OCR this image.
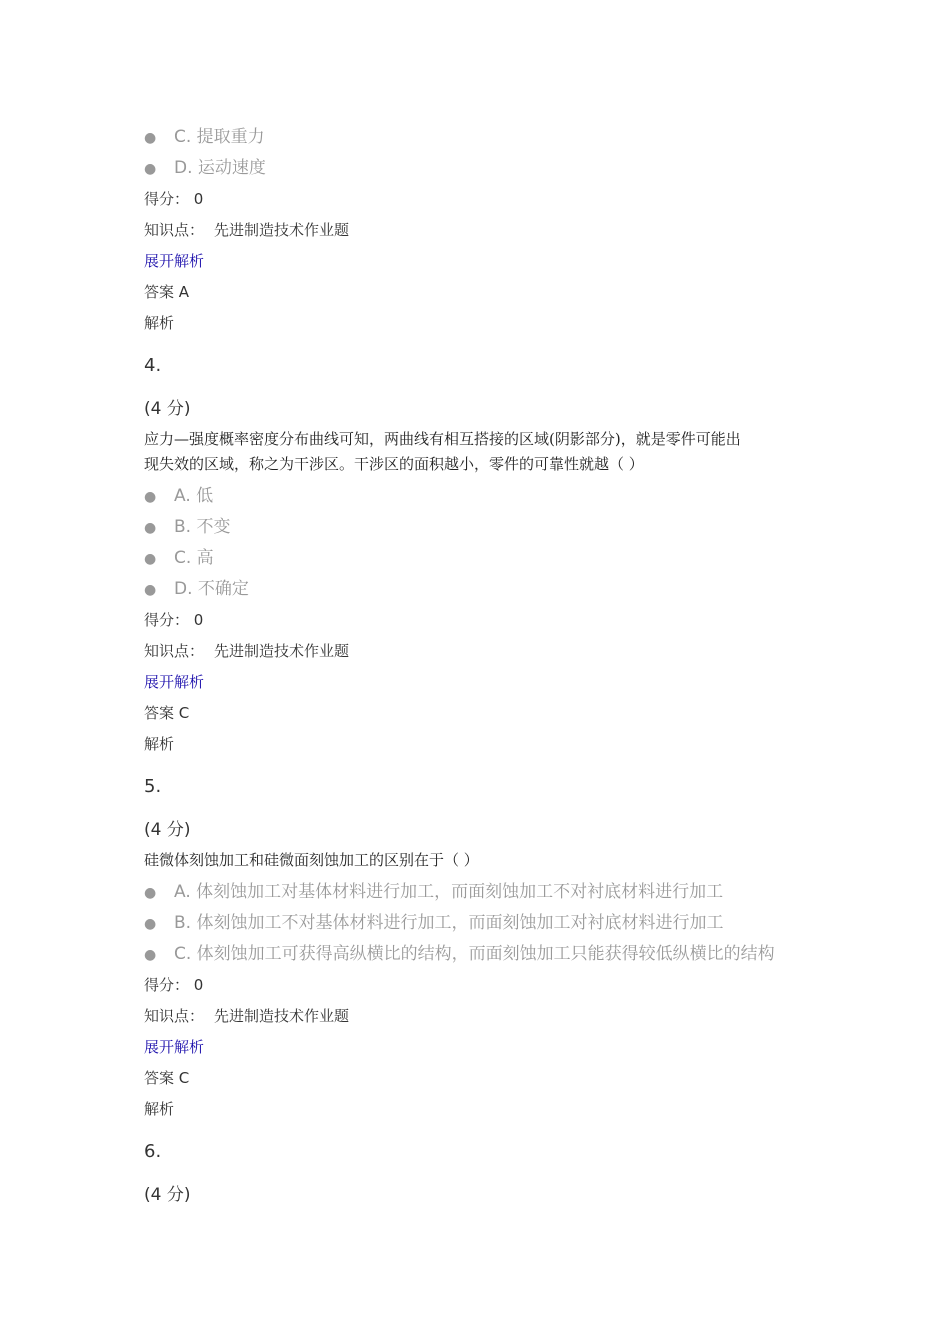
● C. 提取重力
● D. 运动速度
得分： 0
知识点： 先进制造技术作业题
展开解析
答案 A
解析
4.
(4 分)
应力—强度概率密度分布曲线可知，两曲线有相互搭接的区域(阴影部分)，就是零件可能出
现失效的区域，称之为干涉区。干涉区的面积越小，零件的可靠性就越（ ）
● A. 低
● B. 不变
● C. 高
● D. 不确定
得分： 0
知识点： 先进制造技术作业题
展开解析
答案 C
解析
5.
(4 分)
硅微体刻蚀加工和硅微面刻蚀加工的区别在于（ ）
● A. 体刻蚀加工对基体材料进行加工，而面刻蚀加工不对衬底材料进行加工
● B. 体刻蚀加工不对基体材料进行加工，而面刻蚀加工对衬底材料进行加工
● C. 体刻蚀加工可获得高纵横比的结构，而面刻蚀加工只能获得较低纵横比的结构
得分： 0
知识点： 先进制造技术作业题
展开解析
答案 C
解析
6.
(4 分)
